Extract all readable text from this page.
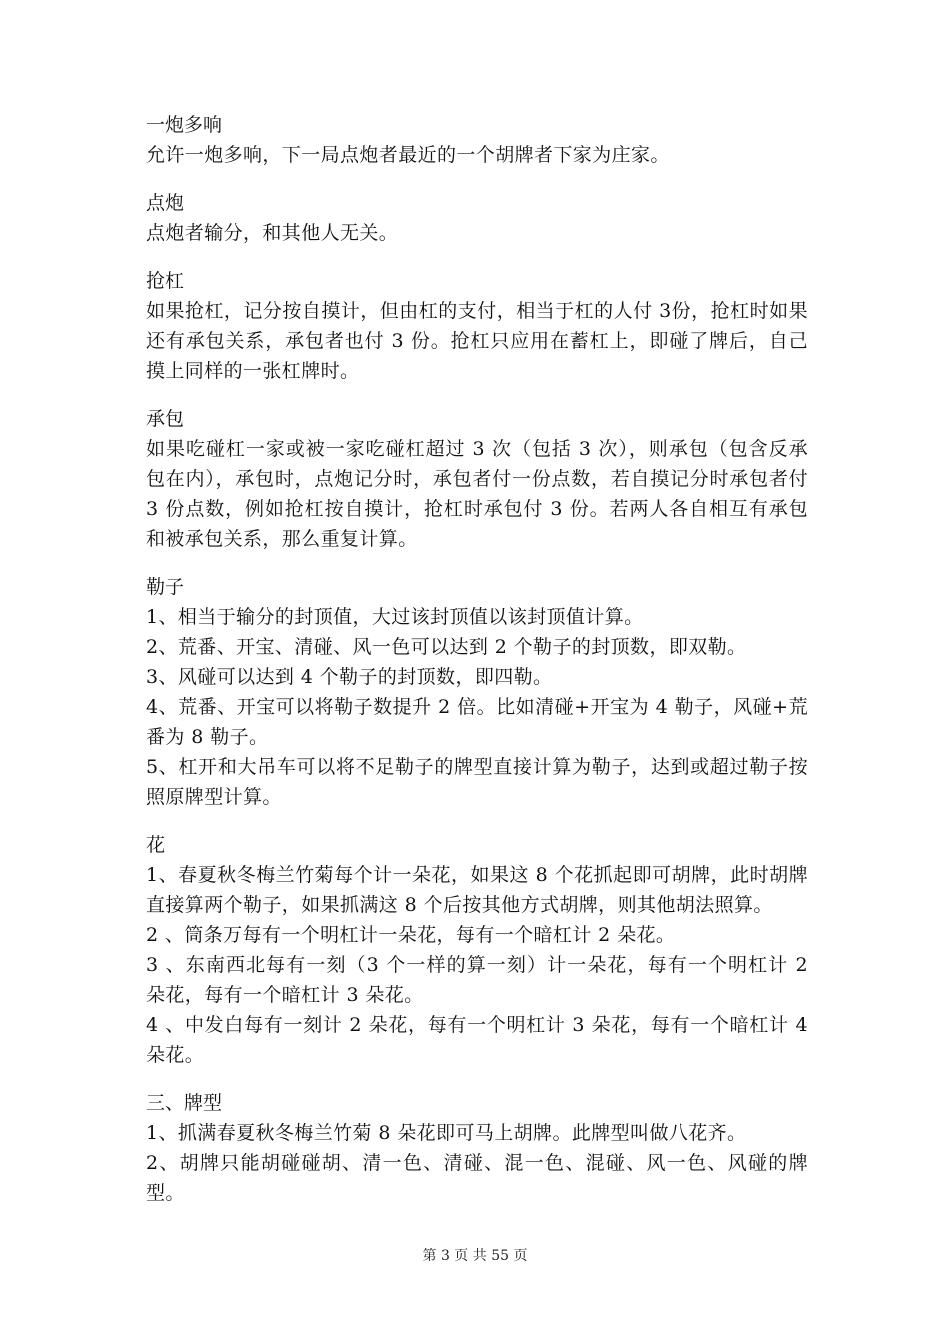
一炮多响

允许一炮多响，下一局点炮者最近的一个胡牌者下家为庄家。

点炮

点炮者输分，和其他人无关。

抢杠

如果抢杠，记分按自摸计，但由杠的支付，相当于杠的人付 3份，抢杠时如果还有承包关系，承包者也付 3 份。抢杠只应用在蓄杠上，即碰了牌后，自己摸上同样的一张杠牌时。

承包

如果吃碰杠一家或被一家吃碰杠超过 3 次（包括 3 次），则承包（包含反承包在内），承包时，点炮记分时，承包者付一份点数，若自摸记分时承包者付 3 份点数，例如抢杠按自摸计，抢杠时承包付 3 份。若两人各自相互有承包和被承包关系，那么重复计算。

勒子

1、相当于输分的封顶值，大过该封顶值以该封顶值计算。

2、荒番、开宝、清碰、风一色可以达到 2 个勒子的封顶数，即双勒。

3、风碰可以达到 4 个勒子的封顶数，即四勒。

4、荒番、开宝可以将勒子数提升 2 倍。比如清碰+开宝为 4 勒子，风碰+荒番为 8 勒子。

5、杠开和大吊车可以将不足勒子的牌型直接计算为勒子，达到或超过勒子按照原牌型计算。

花

1、春夏秋冬梅兰竹菊每个计一朵花，如果这 8 个花抓起即可胡牌，此时胡牌直接算两个勒子，如果抓满这 8 个后按其他方式胡牌，则其他胡法照算。

2 、筒条万每有一个明杠计一朵花，每有一个暗杠计 2 朵花。

3 、东南西北每有一刻（3 个一样的算一刻）计一朵花，每有一个明杠计 2 朵花，每有一个暗杠计 3 朵花。

4 、中发白每有一刻计 2 朵花，每有一个明杠计 3 朵花，每有一个暗杠计 4 朵花。

三、牌型

1、抓满春夏秋冬梅兰竹菊 8 朵花即可马上胡牌。此牌型叫做八花齐。

2、胡牌只能胡碰碰胡、清一色、清碰、混一色、混碰、风一色、风碰的牌型。

第 3 页 共 55 页
